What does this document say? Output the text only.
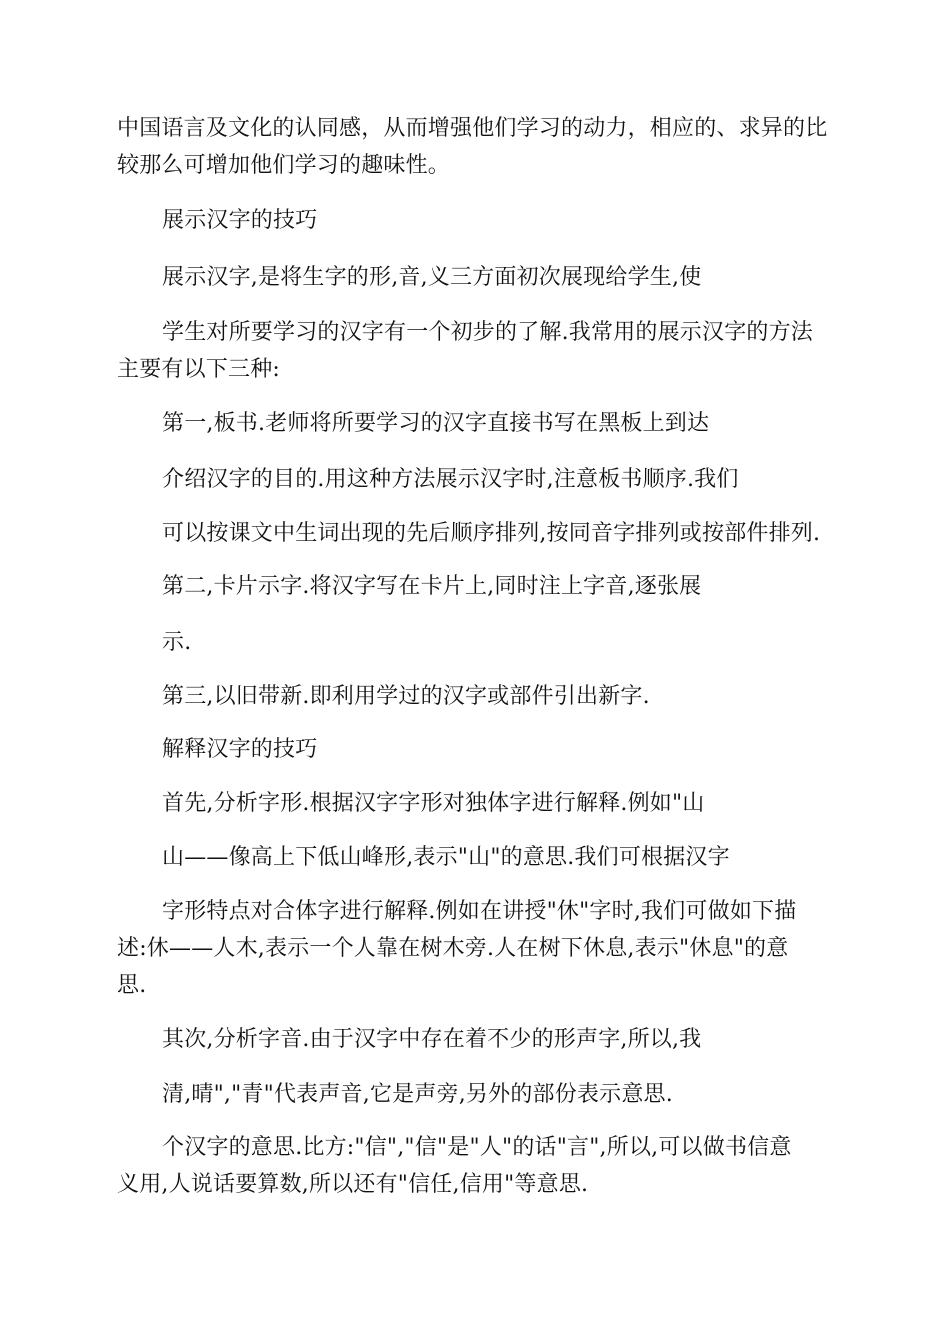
中国语言及文化的认同感，从而增强他们学习的动力，相应的、求异的比
较那么可增加他们学习的趣味性。

展示汉字的技巧

展示汉字,是将生字的形,音,义三方面初次展现给学生,使

学生对所要学习的汉字有一个初步的了解.我常用的展示汉字的方法
主要有以下三种:

第一,板书.老师将所要学习的汉字直接书写在黑板上到达

介绍汉字的目的.用这种方法展示汉字时,注意板书顺序.我们

可以按课文中生词出现的先后顺序排列,按同音字排列或按部件排列.

第二,卡片示字.将汉字写在卡片上,同时注上字音,逐张展

示.

第三,以旧带新.即利用学过的汉字或部件引出新字.

解释汉字的技巧

首先,分析字形.根据汉字字形对独体字进行解释.例如"山

山——像高上下低山峰形,表示"山"的意思.我们可根据汉字

字形特点对合体字进行解释.例如在讲授"休"字时,我们可做如下描
述:休——人木,表示一个人靠在树木旁.人在树下休息,表示"休息"的意
思.

其次,分析字音.由于汉字中存在着不少的形声字,所以,我

清,晴","青"代表声音,它是声旁,另外的部份表示意思.

个汉字的意思.比方:"信","信"是"人"的话"言",所以,可以做书信意
义用,人说话要算数,所以还有"信任,信用"等意思.
